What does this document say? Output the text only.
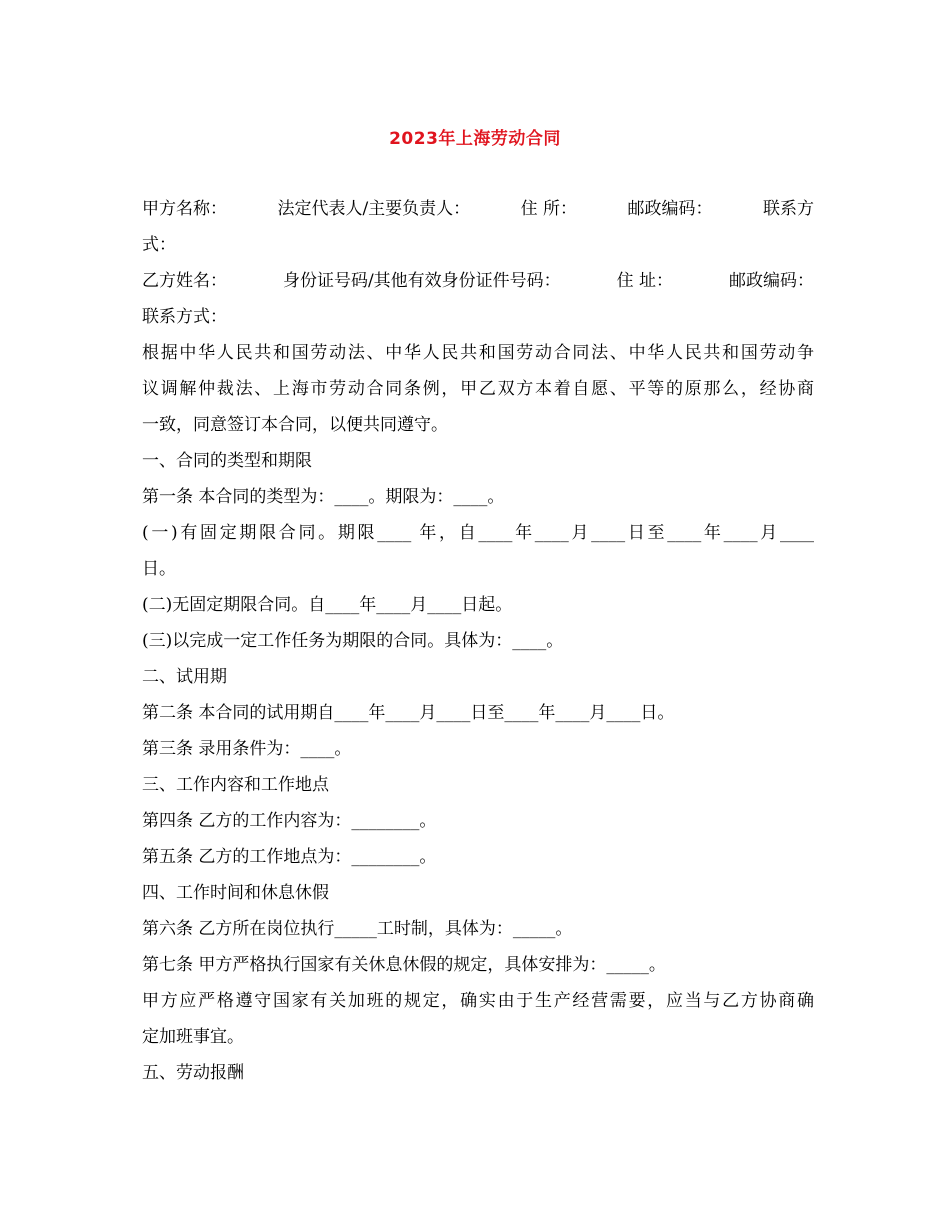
2023年上海劳动合同
甲方名称：	法定代表人/主要负责人：	住 所：	邮政编码：	联系方
式：
乙方姓名：	身份证号码/其他有效身份证件号码：	住 址：	邮政编码：
联系方式：
根据中华人民共和国劳动法、中华人民共和国劳动合同法、中华人民共和国劳动争
议调解仲裁法、上海市劳动合同条例，甲乙双方本着自愿、平等的原那么，经协商
一致，同意签订本合同，以便共同遵守。
一、合同的类型和期限
第一条 本合同的类型为：____。期限为：____。
(一)有固定期限合同。期限____ 年，自____年____月____日至____年____月____
日。
(二)无固定期限合同。自____年____月____日起。
(三)以完成一定工作任务为期限的合同。具体为：____。
二、试用期
第二条 本合同的试用期自____年____月____日至____年____月____日。
第三条 录用条件为：____。
三、工作内容和工作地点
第四条 乙方的工作内容为：________。
第五条 乙方的工作地点为：________。
四、工作时间和休息休假
第六条 乙方所在岗位执行_____工时制，具体为：_____。
第七条 甲方严格执行国家有关休息休假的规定，具体安排为：_____。
甲方应严格遵守国家有关加班的规定，确实由于生产经营需要，应当与乙方协商确
定加班事宜。
五、劳动报酬
